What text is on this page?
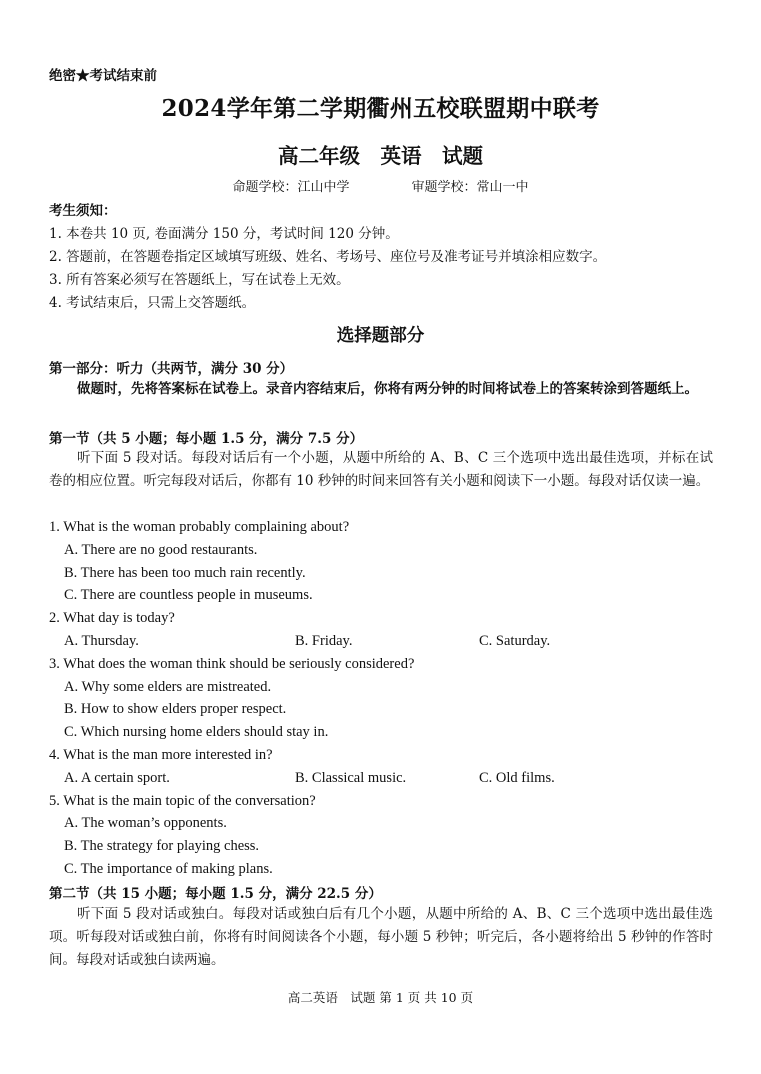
绝密★考试结束前
2024学年第二学期衢州五校联盟期中联考
高二年级　英语　试题
命题学校：江山中学	审题学校：常山一中
考生须知：
1. 本卷共 10 页, 卷面满分 150 分，考试时间 120 分钟。
2. 答题前，在答题卷指定区域填写班级、姓名、考场号、座位号及准考证号并填涂相应数字。
3. 所有答案必须写在答题纸上，写在试卷上无效。
4. 考试结束后，只需上交答题纸。
选择题部分
第一部分：听力（共两节，满分 30 分）
做题时，先将答案标在试卷上。录音内容结束后，你将有两分钟的时间将试卷上的答案转涂到答题纸上。
第一节（共 5 小题；每小题 1.5 分，满分 7.5 分）
听下面 5 段对话。每段对话后有一个小题，从题中所给的 A、B、C 三个选项中选出最佳选项，并标在试卷的相应位置。听完每段对话后，你都有 10 秒钟的时间来回答有关小题和阅读下一小题。每段对话仅读一遍。
1. What is the woman probably complaining about?
A. There are no good restaurants.
B. There has been too much rain recently.
C. There are countless people in museums.
2. What day is today?
A. Thursday.	B. Friday.	C. Saturday.
3. What does the woman think should be seriously considered?
A. Why some elders are mistreated.
B. How to show elders proper respect.
C. Which nursing home elders should stay in.
4. What is the man more interested in?
A. A certain sport.	B. Classical music.	C. Old films.
5. What is the main topic of the conversation?
A. The woman’s opponents.
B. The strategy for playing chess.
C. The importance of making plans.
第二节（共 15 小题；每小题 1.5 分，满分 22.5 分）
听下面 5 段对话或独白。每段对话或独白后有几个小题，从题中所给的 A、B、C 三个选项中选出最佳选项。听每段对话或独白前，你将有时间阅读各个小题，每小题 5 秒钟；听完后，各小题将给出 5 秒钟的作答时间。每段对话或独白读两遍。
高二英语　试题 第 1 页 共 10 页
